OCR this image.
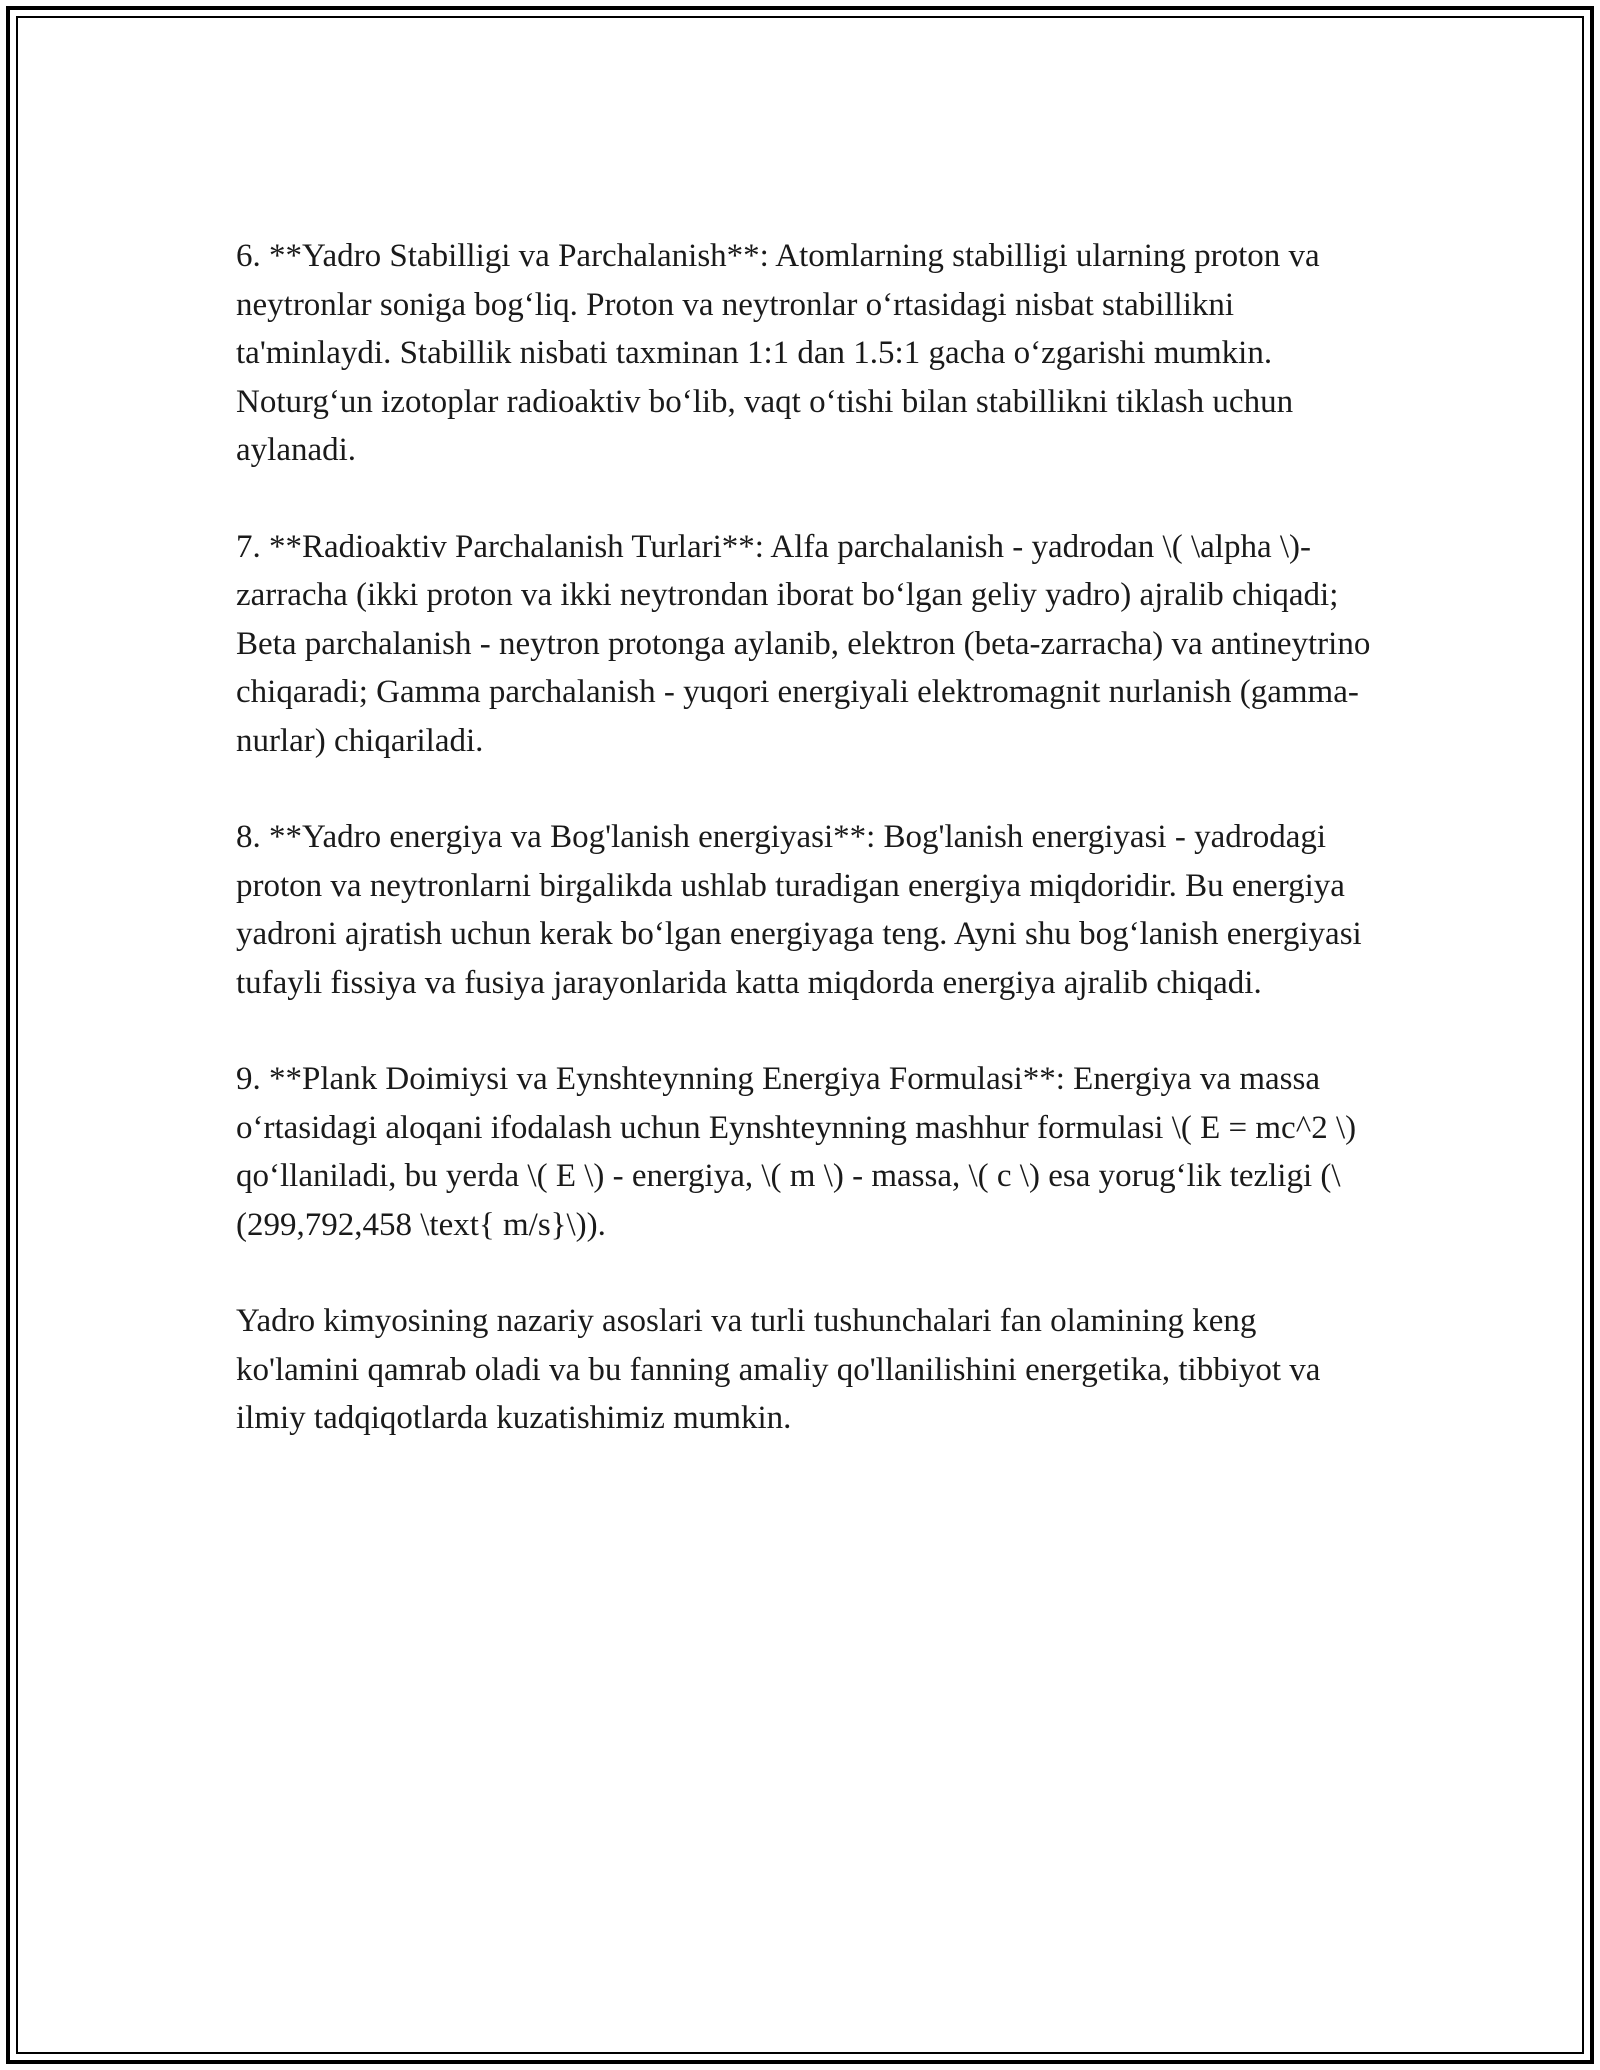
6. **Yadro Stabilligi va Parchalanish**: Atomlarning stabilligi ularning proton va neytronlar soniga bog‘liq. Proton va neytronlar o‘rtasidagi nisbat stabillikni ta'minlaydi. Stabillik nisbati taxminan 1:1 dan 1.5:1 gacha o‘zgarishi mumkin. Noturg‘un izotoplar radioaktiv bo‘lib, vaqt o‘tishi bilan stabillikni tiklash uchun aylanadi.

7. **Radioaktiv Parchalanish Turlari**: Alfa parchalanish - yadrodan \( \alpha \)-zarracha (ikki proton va ikki neytrondan iborat bo‘lgan geliy yadro) ajralib chiqadi; Beta parchalanish - neytron protonga aylanib, elektron (beta-zarracha) va antineytrino chiqaradi; Gamma parchalanish - yuqori energiyali elektromagnit nurlanish (gamma-nurlar) chiqariladi.

8. **Yadro energiya va Bog'lanish energiyasi**: Bog'lanish energiyasi - yadrodagi proton va neytronlarni birgalikda ushlab turadigan energiya miqdoridir. Bu energiya yadroni ajratish uchun kerak bo‘lgan energiyaga teng. Ayni shu bog‘lanish energiyasi tufayli fissiya va fusiya jarayonlarida katta miqdorda energiya ajralib chiqadi.

9. **Plank Doimiysi va Eynshteynning Energiya Formulasi**: Energiya va massa o‘rtasidagi aloqani ifodalash uchun Eynshteynning mashhur formulasi \( E = mc^2 \) qo‘llaniladi, bu yerda \( E \) - energiya, \( m \) - massa, \( c \) esa yorug‘lik tezligi (\(299,792,458 \text{ m/s}\)).

Yadro kimyosining nazariy asoslari va turli tushunchalari fan olamining keng ko'lamini qamrab oladi va bu fanning amaliy qo'llanilishini energetika, tibbiyot va ilmiy tadqiqotlarda kuzatishimiz mumkin.
